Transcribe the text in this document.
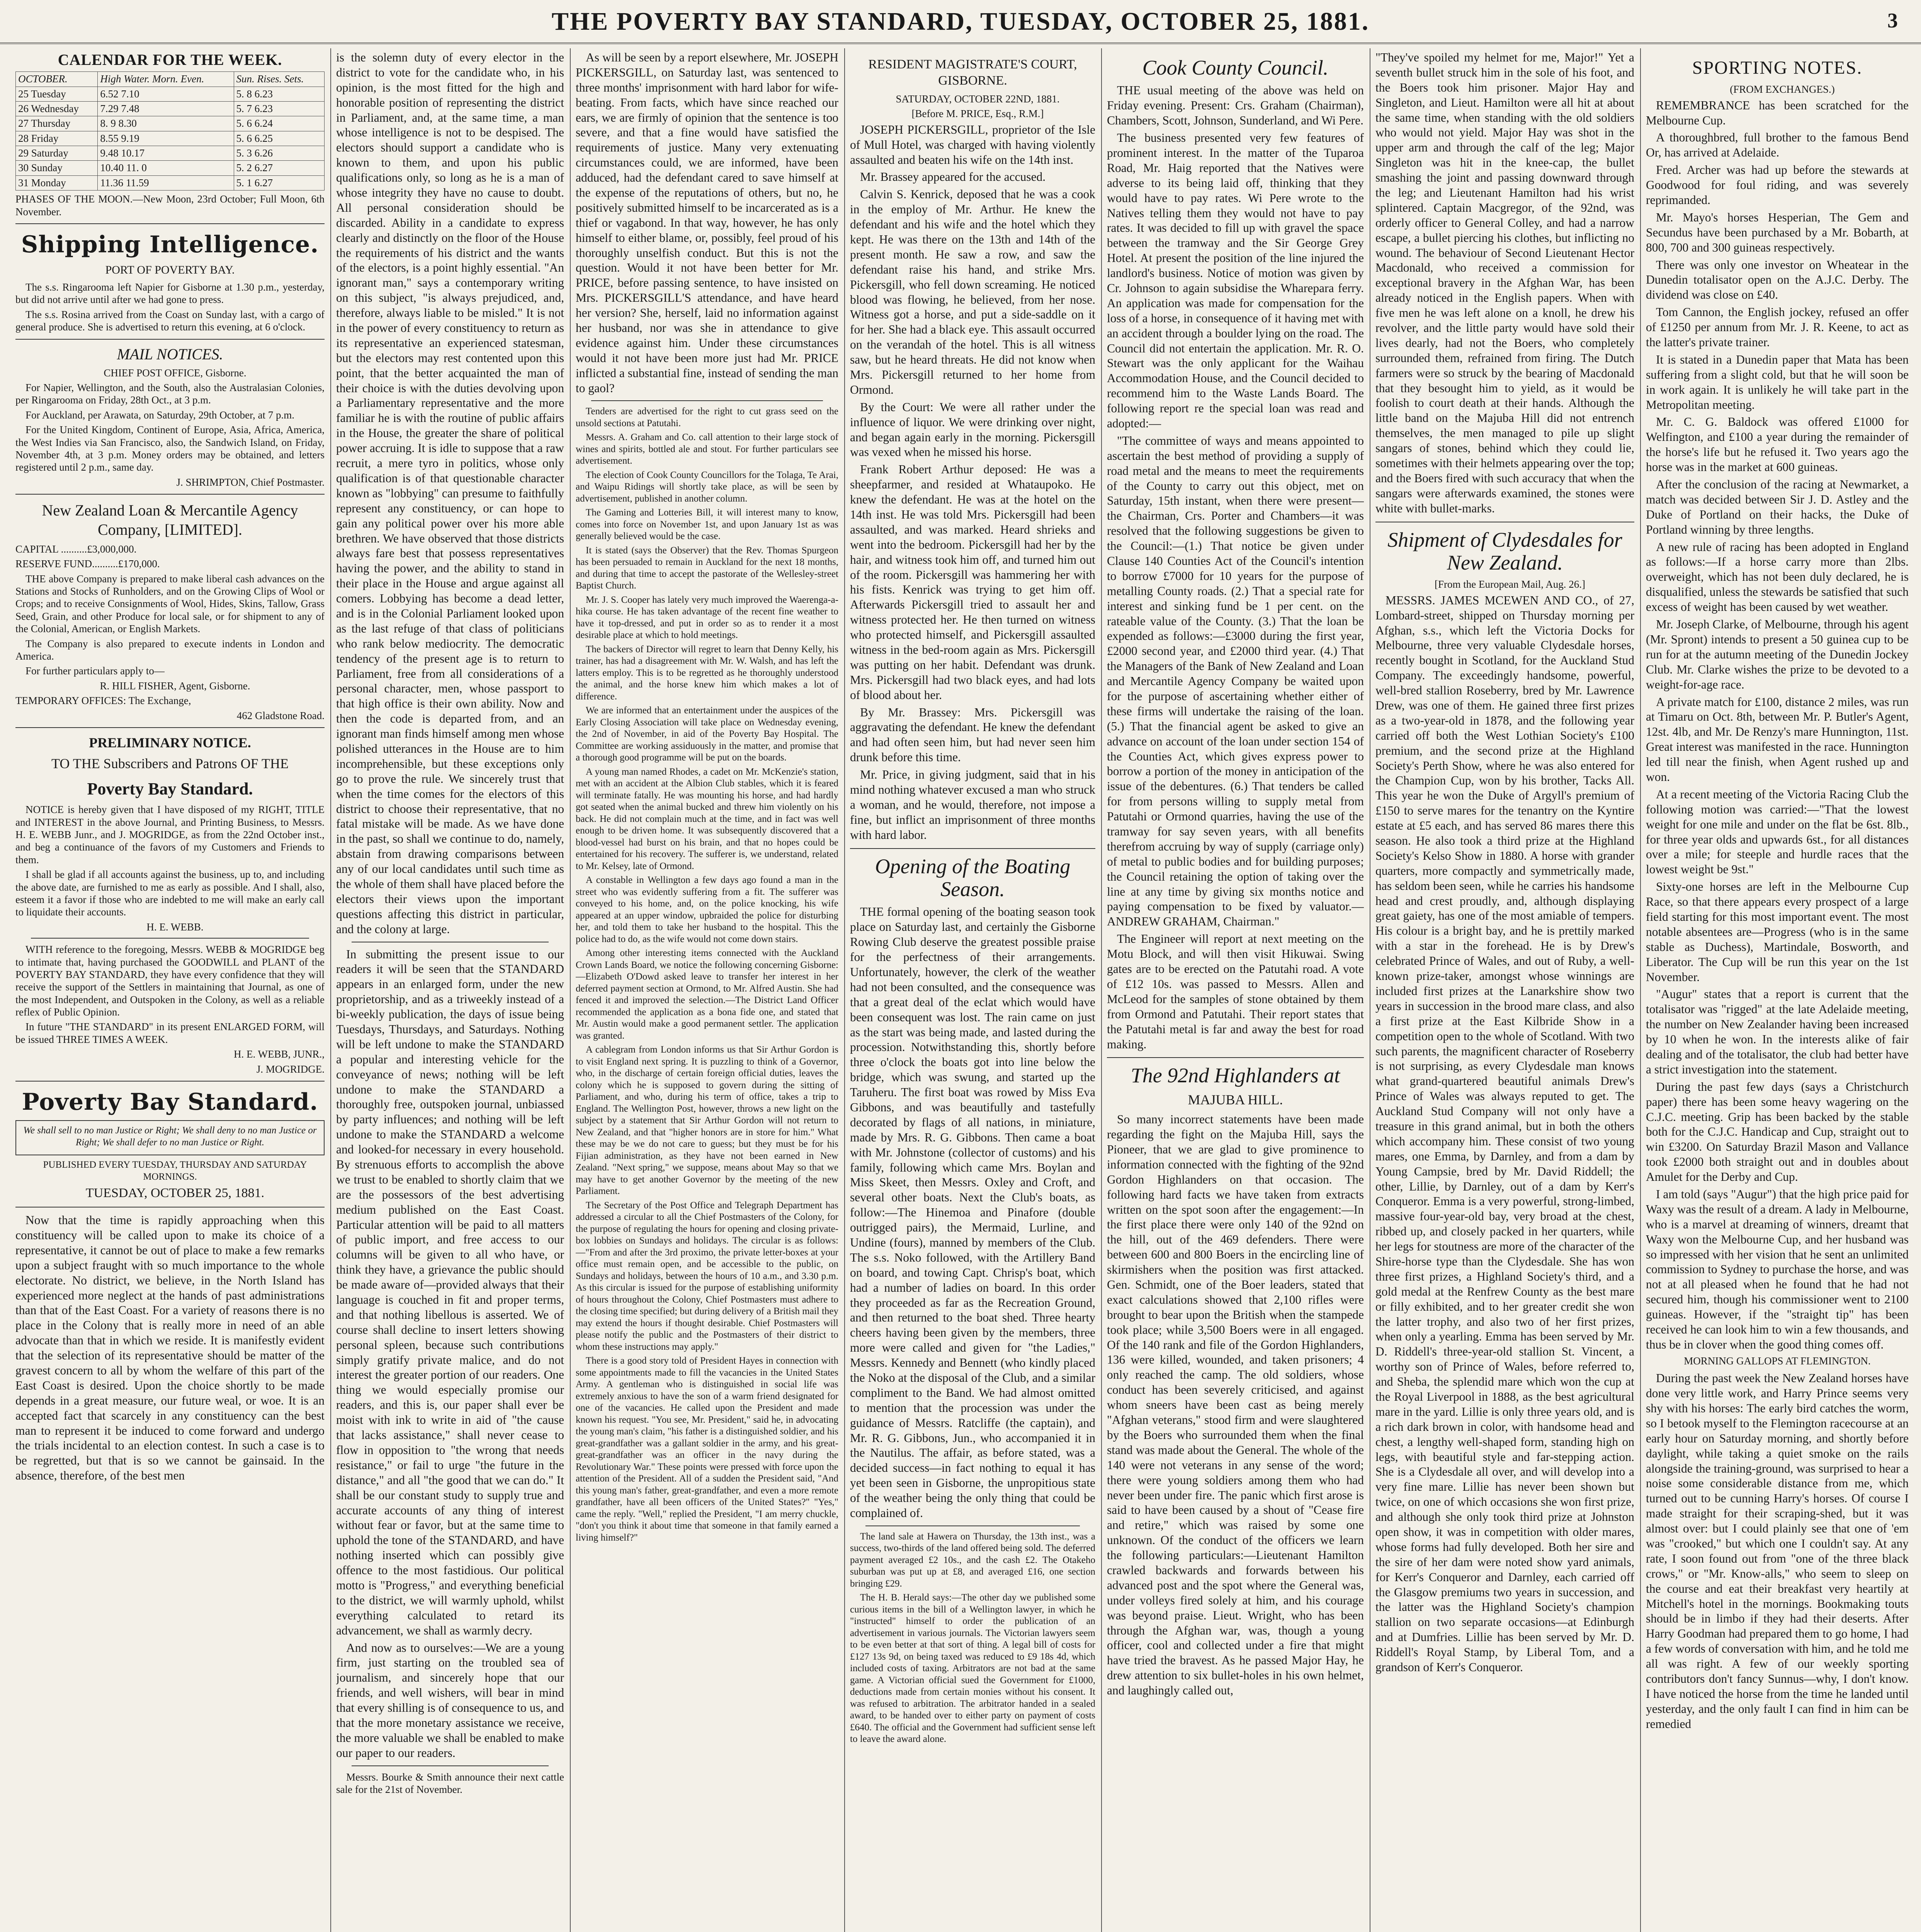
THE POVERTY BAY STANDARD, TUESDAY, OCTOBER 25, 1881.	3
CALENDAR FOR THE WEEK.
OCTOBER.	High Water. Morn. Even.	Sun. Rises. Sets.
25 Tuesday	6.52 7.10	5. 8 6.23
26 Wednesday	7.29 7.48	5. 7 6.23
27 Thursday	8. 9 8.30	5. 6 6.24
28 Friday	8.55 9.19	5. 6 6.25
29 Saturday	9.48 10.17	5. 3 6.26
30 Sunday	10.40 11. 0	5. 2 6.27
31 Monday	11.36 11.59	5. 1 6.27

PHASES OF THE MOON.—New Moon, 23rd October; Full Moon, 6th November.

Shipping Intelligence.
PORT OF POVERTY BAY.

The s.s. Ringarooma left Napier for Gisborne at 1.30 p.m., yesterday, but did not arrive until after we had gone to press.

The s.s. Rosina arrived from the Coast on Sunday last, with a cargo of general produce. She is advertised to return this evening, at 6 o'clock.

MAIL NOTICES.

CHIEF POST OFFICE, Gisborne.

For Napier, Wellington, and the South, also the Australasian Colonies, per Ringarooma on Friday, 28th Oct., at 3 p.m.

For Auckland, per Arawata, on Saturday, 29th October, at 7 p.m.

For the United Kingdom, Continent of Europe, Asia, Africa, America, the West Indies via San Francisco, also, the Sandwich Island, on Friday, November 4th, at 3 p.m. Money orders may be obtained, and letters registered until 2 p.m., same day.

J. SHRIMPTON, Chief Postmaster.

New Zealand Loan & Mercantile Agency Company, [LIMITED].

CAPITAL ..........£3,000,000.

RESERVE FUND..........£170,000.

THE above Company is prepared to make liberal cash advances on the Stations and Stocks of Runholders, and on the Growing Clips of Wool or Crops; and to receive Consignments of Wool, Hides, Skins, Tallow, Grass Seed, Grain, and other Produce for local sale, or for shipment to any of the Colonial, American, or English Markets.

The Company is also prepared to execute indents in London and America.

For further particulars apply to—

R. HILL FISHER, Agent, Gisborne.

TEMPORARY OFFICES: The Exchange,

462 Gladstone Road.

PRELIMINARY NOTICE.
TO THE Subscribers and Patrons OF THE
Poverty Bay Standard.

NOTICE is hereby given that I have disposed of my RIGHT, TITLE and INTEREST in the above Journal, and Printing Business, to Messrs. H. E. WEBB Junr., and J. MOGRIDGE, as from the 22nd October inst., and beg a continuance of the favors of my Customers and Friends to them.

I shall be glad if all accounts against the business, up to, and including the above date, are furnished to me as early as possible. And I shall, also, esteem it a favor if those who are indebted to me will make an early call to liquidate their accounts.

H. E. WEBB.

WITH reference to the foregoing, Messrs. WEBB & MOGRIDGE beg to intimate that, having purchased the GOODWILL and PLANT of the POVERTY BAY STANDARD, they have every confidence that they will receive the support of the Settlers in maintaining that Journal, as one of the most Independent, and Outspoken in the Colony, as well as a reliable reflex of Public Opinion.

In future "THE STANDARD" in its present ENLARGED FORM, will be issued THREE TIMES A WEEK.

H. E. WEBB, JUNR.,

J. MOGRIDGE.

Poverty Bay Standard.

We shall sell to no man Justice or Right; We shall deny to no man Justice or Right; We shall defer to no man Justice or Right.

PUBLISHED EVERY TUESDAY, THURSDAY AND SATURDAY MORNINGS.

TUESDAY, OCTOBER 25, 1881.

Now that the time is rapidly approaching when this constituency will be called upon to make its choice of a representative, it cannot be out of place to make a few remarks upon a subject fraught with so much importance to the whole electorate. No district, we believe, in the North Island has experienced more neglect at the hands of past administrations than that of the East Coast. For a variety of reasons there is no place in the Colony that is really more in need of an able advocate than that in which we reside. It is manifestly evident that the selection of its representative should be matter of the gravest concern to all by whom the welfare of this part of the East Coast is desired. Upon the choice shortly to be made depends in a great measure, our future weal, or woe. It is an accepted fact that scarcely in any constituency can the best man to represent it be induced to come forward and undergo the trials incidental to an election contest. In such a case is to be regretted, but that is so we cannot be gainsaid. In the absence, therefore, of the best men

is the solemn duty of every elector in the district to vote for the candidate who, in his opinion, is the most fitted for the high and honorable position of representing the district in Parliament, and, at the same time, a man whose intelligence is not to be despised. The electors should support a candidate who is known to them, and upon his public qualifications only, so long as he is a man of whose integrity they have no cause to doubt. All personal consideration should be discarded. Ability in a candidate to express clearly and distinctly on the floor of the House the requirements of his district and the wants of the electors, is a point highly essential. "An ignorant man," says a contemporary writing on this subject, "is always prejudiced, and, therefore, always liable to be misled." It is not in the power of every constituency to return as its representative an experienced statesman, but the electors may rest contented upon this point, that the better acquainted the man of their choice is with the duties devolving upon a Parliamentary representative and the more familiar he is with the routine of public affairs in the House, the greater the share of political power accruing. It is idle to suppose that a raw recruit, a mere tyro in politics, whose only qualification is of that questionable character known as "lobbying" can presume to faithfully represent any constituency, or can hope to gain any political power over his more able brethren. We have observed that those districts always fare best that possess representatives having the power, and the ability to stand in their place in the House and argue against all comers. Lobbying has become a dead letter, and is in the Colonial Parliament looked upon as the last refuge of that class of politicians who rank below mediocrity. The democratic tendency of the present age is to return to Parliament, free from all considerations of a personal character, men, whose passport to that high office is their own ability. Now and then the code is departed from, and an ignorant man finds himself among men whose polished utterances in the House are to him incomprehensible, but these exceptions only go to prove the rule. We sincerely trust that when the time comes for the electors of this district to choose their representative, that no fatal mistake will be made. As we have done in the past, so shall we continue to do, namely, abstain from drawing comparisons between any of our local candidates until such time as the whole of them shall have placed before the electors their views upon the important questions affecting this district in particular, and the colony at large.

In submitting the present issue to our readers it will be seen that the STANDARD appears in an enlarged form, under the new proprietorship, and as a triweekly instead of a bi-weekly publication, the days of issue being Tuesdays, Thursdays, and Saturdays. Nothing will be left undone to make the STANDARD a popular and interesting vehicle for the conveyance of news; nothing will be left undone to make the STANDARD a thoroughly free, outspoken journal, unbiassed by party influences; and nothing will be left undone to make the STANDARD a welcome and looked-for necessary in every household. By strenuous efforts to accomplish the above we trust to be enabled to shortly claim that we are the possessors of the best advertising medium published on the East Coast. Particular attention will be paid to all matters of public import, and free access to our columns will be given to all who have, or think they have, a grievance the public should be made aware of—provided always that their language is couched in fit and proper terms, and that nothing libellous is asserted. We of course shall decline to insert letters showing personal spleen, because such contributions simply gratify private malice, and do not interest the greater portion of our readers. One thing we would especially promise our readers, and this is, our paper shall ever be moist with ink to write in aid of "the cause that lacks assistance," shall never cease to flow in opposition to "the wrong that needs resistance," or fail to urge "the future in the distance," and all "the good that we can do." It shall be our constant study to supply true and accurate accounts of any thing of interest without fear or favor, but at the same time to uphold the tone of the STANDARD, and have nothing inserted which can possibly give offence to the most fastidious. Our political motto is "Progress," and everything beneficial to the district, we will warmly uphold, whilst everything calculated to retard its advancement, we shall as warmly decry.

And now as to ourselves:—We are a young firm, just starting on the troubled sea of journalism, and sincerely hope that our friends, and well wishers, will bear in mind that every shilling is of consequence to us, and that the more monetary assistance we receive, the more valuable we shall be enabled to make our paper to our readers.

Messrs. Bourke & Smith announce their next cattle sale for the 21st of November.

As will be seen by a report elsewhere, Mr. JOSEPH PICKERSGILL, on Saturday last, was sentenced to three months' imprisonment with hard labor for wife-beating. From facts, which have since reached our ears, we are firmly of opinion that the sentence is too severe, and that a fine would have satisfied the requirements of justice. Many very extenuating circumstances could, we are informed, have been adduced, had the defendant cared to save himself at the expense of the reputations of others, but no, he positively submitted himself to be incarcerated as is a thief or vagabond. In that way, however, he has only himself to either blame, or, possibly, feel proud of his thoroughly unselfish conduct. But this is not the question. Would it not have been better for Mr. PRICE, before passing sentence, to have insisted on Mrs. PICKERSGILL'S attendance, and have heard her version? She, herself, laid no information against her husband, nor was she in attendance to give evidence against him. Under these circumstances would it not have been more just had Mr. PRICE inflicted a substantial fine, instead of sending the man to gaol?

Tenders are advertised for the right to cut grass seed on the unsold sections at Patutahi.

Messrs. A. Graham and Co. call attention to their large stock of wines and spirits, bottled ale and stout. For further particulars see advertisement.

The election of Cook County Councillors for the Tolaga, Te Arai, and Waipu Ridings will shortly take place, as will be seen by advertisement, published in another column.

The Gaming and Lotteries Bill, it will interest many to know, comes into force on November 1st, and upon January 1st as was generally believed would be the case.

It is stated (says the Observer) that the Rev. Thomas Spurgeon has been persuaded to remain in Auckland for the next 18 months, and during that time to accept the pastorate of the Wellesley-street Baptist Church.

Mr. J. S. Cooper has lately very much improved the Waerenga-a-hika course. He has taken advantage of the recent fine weather to have it top-dressed, and put in order so as to render it a most desirable place at which to hold meetings.

The backers of Director will regret to learn that Denny Kelly, his trainer, has had a disagreement with Mr. W. Walsh, and has left the latters employ. This is to be regretted as he thoroughly understood the animal, and the horse knew him which makes a lot of difference.

We are informed that an entertainment under the auspices of the Early Closing Association will take place on Wednesday evening, the 2nd of November, in aid of the Poverty Bay Hospital. The Committee are working assiduously in the matter, and promise that a thorough good programme will be put on the boards.

A young man named Rhodes, a cadet on Mr. McKenzie's station, met with an accident at the Albion Club stables, which it is feared will terminate fatally. He was mounting his horse, and had hardly got seated when the animal bucked and threw him violently on his back. He did not complain much at the time, and in fact was well enough to be driven home. It was subsequently discovered that a blood-vessel had burst on his brain, and that no hopes could be entertained for his recovery. The sufferer is, we understand, related to Mr. Kelsey, late of Ormond.

A constable in Wellington a few days ago found a man in the street who was evidently suffering from a fit. The sufferer was conveyed to his home, and, on the police knocking, his wife appeared at an upper window, upbraided the police for disturbing her, and told them to take her husband to the hospital. This the police had to do, as the wife would not come down stairs.

Among other interesting items connected with the Auckland Crown Lands Board, we notice the following concerning Gisborne:—Elizabeth O'Dowd asked leave to transfer her interest in her deferred payment section at Ormond, to Mr. Alfred Austin. She had fenced it and improved the selection.—The District Land Officer recommended the application as a bona fide one, and stated that Mr. Austin would make a good permanent settler. The application was granted.

A cablegram from London informs us that Sir Arthur Gordon is to visit England next spring. It is puzzling to think of a Governor, who, in the discharge of certain foreign official duties, leaves the colony which he is supposed to govern during the sitting of Parliament, and who, during his term of office, takes a trip to England. The Wellington Post, however, throws a new light on the subject by a statement that Sir Arthur Gordon will not return to New Zealand, and that "higher honors are in store for him." What these may be we do not care to guess; but they must be for his Fijian administration, as they have not been earned in New Zealand. "Next spring," we suppose, means about May so that we may have to get another Governor by the meeting of the new Parliament.

The Secretary of the Post Office and Telegraph Department has addressed a circular to all the Chief Postmasters of the Colony, for the purpose of regulating the hours for opening and closing private-box lobbies on Sundays and holidays. The circular is as follows:—"From and after the 3rd proximo, the private letter-boxes at your office must remain open, and be accessible to the public, on Sundays and holidays, between the hours of 10 a.m., and 3.30 p.m. As this circular is issued for the purpose of establishing uniformity of hours throughout the Colony, Chief Postmasters must adhere to the closing time specified; but during delivery of a British mail they may extend the hours if thought desirable. Chief Postmasters will please notify the public and the Postmasters of their district to whom these instructions may apply."

There is a good story told of President Hayes in connection with some appointments made to fill the vacancies in the United States Army. A gentleman who is distinguished in social life was extremely anxious to have the son of a warm friend designated for one of the vacancies. He called upon the President and made known his request. "You see, Mr. President," said he, in advocating the young man's claim, "his father is a distinguished soldier, and his great-grandfather was a gallant soldier in the army, and his great-great-grandfather was an officer in the navy during the Revolutionary War." These points were pressed with force upon the attention of the President. All of a sudden the President said, "And this young man's father, great-grandfather, and even a more remote grandfather, have all been officers of the United States?" "Yes," came the reply. "Well," replied the President, "I am merry chuckle, "don't you think it about time that someone in that family earned a living himself?"

RESIDENT MAGISTRATE'S COURT, GISBORNE.

SATURDAY, OCTOBER 22ND, 1881.

[Before M. PRICE, Esq., R.M.]

JOSEPH PICKERSGILL, proprietor of the Isle of Mull Hotel, was charged with having violently assaulted and beaten his wife on the 14th inst.

Mr. Brassey appeared for the accused.

Calvin S. Kenrick, deposed that he was a cook in the employ of Mr. Arthur. He knew the defendant and his wife and the hotel which they kept. He was there on the 13th and 14th of the present month. He saw a row, and saw the defendant raise his hand, and strike Mrs. Pickersgill, who fell down screaming. He noticed blood was flowing, he believed, from her nose. Witness got a horse, and put a side-saddle on it for her. She had a black eye. This assault occurred on the verandah of the hotel. This is all witness saw, but he heard threats. He did not know when Mrs. Pickersgill returned to her home from Ormond.

By the Court: We were all rather under the influence of liquor. We were drinking over night, and began again early in the morning. Pickersgill was vexed when he missed his horse.

Frank Robert Arthur deposed: He was a sheepfarmer, and resided at Whataupoko. He knew the defendant. He was at the hotel on the 14th inst. He was told Mrs. Pickersgill had been assaulted, and was marked. Heard shrieks and went into the bedroom. Pickersgill had her by the hair, and witness took him off, and turned him out of the room. Pickersgill was hammering her with his fists. Kenrick was trying to get him off. Afterwards Pickersgill tried to assault her and witness protected her. He then turned on witness who protected himself, and Pickersgill assaulted witness in the bed-room again as Mrs. Pickersgill was putting on her habit. Defendant was drunk. Mrs. Pickersgill had two black eyes, and had lots of blood about her.

By Mr. Brassey: Mrs. Pickersgill was aggravating the defendant. He knew the defendant and had often seen him, but had never seen him drunk before this time.

Mr. Price, in giving judgment, said that in his mind nothing whatever excused a man who struck a woman, and he would, therefore, not impose a fine, but inflict an imprisonment of three months with hard labor.

Opening of the Boating Season.

THE formal opening of the boating season took place on Saturday last, and certainly the Gisborne Rowing Club deserve the greatest possible praise for the perfectness of their arrangements. Unfortunately, however, the clerk of the weather had not been consulted, and the consequence was that a great deal of the eclat which would have been consequent was lost. The rain came on just as the start was being made, and lasted during the procession. Notwithstanding this, shortly before three o'clock the boats got into line below the bridge, which was swung, and started up the Taruheru. The first boat was rowed by Miss Eva Gibbons, and was beautifully and tastefully decorated by flags of all nations, in miniature, made by Mrs. R. G. Gibbons. Then came a boat with Mr. Johnstone (collector of customs) and his family, following which came Mrs. Boylan and Miss Skeet, then Messrs. Oxley and Croft, and several other boats. Next the Club's boats, as follow:—The Hinemoa and Pinafore (double outrigged pairs), the Mermaid, Lurline, and Undine (fours), manned by members of the Club. The s.s. Noko followed, with the Artillery Band on board, and towing Capt. Chrisp's boat, which had a number of ladies on board. In this order they proceeded as far as the Recreation Ground, and then returned to the boat shed. Three hearty cheers having been given by the members, three more were called and given for "the Ladies," Messrs. Kennedy and Bennett (who kindly placed the Noko at the disposal of the Club, and a similar compliment to the Band. We had almost omitted to mention that the procession was under the guidance of Messrs. Ratcliffe (the captain), and Mr. R. G. Gibbons, Jun., who accompanied it in the Nautilus. The affair, as before stated, was a decided success—in fact nothing to equal it has yet been seen in Gisborne, the unpropitious state of the weather being the only thing that could be complained of.

The land sale at Hawera on Thursday, the 13th inst., was a success, two-thirds of the land offered being sold. The deferred payment averaged £2 10s., and the cash £2. The Otakeho suburban was put up at £8, and averaged £16, one section bringing £29.

The H. B. Herald says:—The other day we published some curious items in the bill of a Wellington lawyer, in which he "instructed" himself to order the publication of an advertisement in various journals. The Victorian lawyers seem to be even better at that sort of thing. A legal bill of costs for £127 13s 9d, on being taxed was reduced to £9 18s 4d, which included costs of taxing. Arbitrators are not bad at the same game. A Victorian official sued the Government for £1000, deductions made from certain monies without his consent. It was refused to arbitration. The arbitrator handed in a sealed award, to be handed over to either party on payment of costs £640. The official and the Government had sufficient sense left to leave the award alone.

Cook County Council.

THE usual meeting of the above was held on Friday evening. Present: Crs. Graham (Chairman), Chambers, Scott, Johnson, Sunderland, and Wi Pere.

The business presented very few features of prominent interest. In the matter of the Tuparoa Road, Mr. Haig reported that the Natives were adverse to its being laid off, thinking that they would have to pay rates. Wi Pere wrote to the Natives telling them they would not have to pay rates. It was decided to fill up with gravel the space between the tramway and the Sir George Grey Hotel. At present the position of the line injured the landlord's business. Notice of motion was given by Cr. Johnson to again subsidise the Wharepara ferry. An application was made for compensation for the loss of a horse, in consequence of it having met with an accident through a boulder lying on the road. The Council did not entertain the application. Mr. R. O. Stewart was the only applicant for the Waihau Accommodation House, and the Council decided to recommend him to the Waste Lands Board. The following report re the special loan was read and adopted:—

"The committee of ways and means appointed to ascertain the best method of providing a supply of road metal and the means to meet the requirements of the County to carry out this object, met on Saturday, 15th instant, when there were present—the Chairman, Crs. Porter and Chambers—it was resolved that the following suggestions be given to the Council:—(1.) That notice be given under Clause 140 Counties Act of the Council's intention to borrow £7000 for 10 years for the purpose of metalling County roads. (2.) That a special rate for interest and sinking fund be 1 per cent. on the rateable value of the County. (3.) That the loan be expended as follows:—£3000 during the first year, £2000 second year, and £2000 third year. (4.) That the Managers of the Bank of New Zealand and Loan and Mercantile Agency Company be waited upon for the purpose of ascertaining whether either of these firms will undertake the raising of the loan. (5.) That the financial agent be asked to give an advance on account of the loan under section 154 of the Counties Act, which gives express power to borrow a portion of the money in anticipation of the issue of the debentures. (6.) That tenders be called for from persons willing to supply metal from Patutahi or Ormond quarries, having the use of the tramway for say seven years, with all benefits therefrom accruing by way of supply (carriage only) of metal to public bodies and for building purposes; the Council retaining the option of taking over the line at any time by giving six months notice and paying compensation to be fixed by valuator.—ANDREW GRAHAM, Chairman."

The Engineer will report at next meeting on the Motu Block, and will then visit Hikuwai. Swing gates are to be erected on the Patutahi road. A vote of £12 10s. was passed to Messrs. Allen and McLeod for the samples of stone obtained by them from Ormond and Patutahi. Their report states that the Patutahi metal is far and away the best for road making.

The 92nd Highlanders at
MAJUBA HILL.

So many incorrect statements have been made regarding the fight on the Majuba Hill, says the Pioneer, that we are glad to give prominence to information connected with the fighting of the 92nd Gordon Highlanders on that occasion. The following hard facts we have taken from extracts written on the spot soon after the engagement:—In the first place there were only 140 of the 92nd on the hill, out of the 469 defenders. There were between 600 and 800 Boers in the encircling line of skirmishers when the position was first attacked. Gen. Schmidt, one of the Boer leaders, stated that exact calculations showed that 2,100 rifles were brought to bear upon the British when the stampede took place; while 3,500 Boers were in all engaged. Of the 140 rank and file of the Gordon Highlanders, 136 were killed, wounded, and taken prisoners; 4 only reached the camp. The old soldiers, whose conduct has been severely criticised, and against whom sneers have been cast as being merely "Afghan veterans," stood firm and were slaughtered by the Boers who surrounded them when the final stand was made about the General. The whole of the 140 were not veterans in any sense of the word; there were young soldiers among them who had never been under fire. The panic which first arose is said to have been caused by a shout of "Cease fire and retire," which was raised by some one unknown. Of the conduct of the officers we learn the following particulars:—Lieutenant Hamilton crawled backwards and forwards between his advanced post and the spot where the General was, under volleys fired solely at him, and his courage was beyond praise. Lieut. Wright, who has been through the Afghan war, was, though a young officer, cool and collected under a fire that might have tried the bravest. As he passed Major Hay, he drew attention to six bullet-holes in his own helmet, and laughingly called out,

"They've spoiled my helmet for me, Major!" Yet a seventh bullet struck him in the sole of his foot, and the Boers took him prisoner. Major Hay and Singleton, and Lieut. Hamilton were all hit at about the same time, when standing with the old soldiers who would not yield. Major Hay was shot in the upper arm and through the calf of the leg; Major Singleton was hit in the knee-cap, the bullet smashing the joint and passing downward through the leg; and Lieutenant Hamilton had his wrist splintered. Captain Macgregor, of the 92nd, was orderly officer to General Colley, and had a narrow escape, a bullet piercing his clothes, but inflicting no wound. The behaviour of Second Lieutenant Hector Macdonald, who received a commission for exceptional bravery in the Afghan War, has been already noticed in the English papers. When with five men he was left alone on a knoll, he drew his revolver, and the little party would have sold their lives dearly, had not the Boers, who completely surrounded them, refrained from firing. The Dutch farmers were so struck by the bearing of Macdonald that they besought him to yield, as it would be foolish to court death at their hands. Although the little band on the Majuba Hill did not entrench themselves, the men managed to pile up slight sangars of stones, behind which they could lie, sometimes with their helmets appearing over the top; and the Boers fired with such accuracy that when the sangars were afterwards examined, the stones were white with bullet-marks.

Shipment of Clydesdales for New Zealand.

[From the European Mail, Aug. 26.]

MESSRS. JAMES MCEWEN AND CO., of 27, Lombard-street, shipped on Thursday morning per Afghan, s.s., which left the Victoria Docks for Melbourne, three very valuable Clydesdale horses, recently bought in Scotland, for the Auckland Stud Company. The exceedingly handsome, powerful, well-bred stallion Roseberry, bred by Mr. Lawrence Drew, was one of them. He gained three first prizes as a two-year-old in 1878, and the following year carried off both the West Lothian Society's £100 premium, and the second prize at the Highland Society's Perth Show, where he was also entered for the Champion Cup, won by his brother, Tacks All. This year he won the Duke of Argyll's premium of £150 to serve mares for the tenantry on the Kyntire estate at £5 each, and has served 86 mares there this season. He also took a third prize at the Highland Society's Kelso Show in 1880. A horse with grander quarters, more compactly and symmetrically made, has seldom been seen, while he carries his handsome head and crest proudly, and, although displaying great gaiety, has one of the most amiable of tempers. His colour is a bright bay, and he is prettily marked with a star in the forehead. He is by Drew's celebrated Prince of Wales, and out of Ruby, a well-known prize-taker, amongst whose winnings are included first prizes at the Lanarkshire show two years in succession in the brood mare class, and also a first prize at the East Kilbride Show in a competition open to the whole of Scotland. With two such parents, the magnificent character of Roseberry is not surprising, as every Clydesdale man knows what grand-quartered beautiful animals Drew's Prince of Wales was always reputed to get. The Auckland Stud Company will not only have a treasure in this grand animal, but in both the others which accompany him. These consist of two young mares, one Emma, by Darnley, and from a dam by Young Campsie, bred by Mr. David Riddell; the other, Lillie, by Darnley, out of a dam by Kerr's Conqueror. Emma is a very powerful, strong-limbed, massive four-year-old bay, very broad at the chest, ribbed up, and closely packed in her quarters, while her legs for stoutness are more of the character of the Shire-horse type than the Clydesdale. She has won three first prizes, a Highland Society's third, and a gold medal at the Renfrew County as the best mare or filly exhibited, and to her greater credit she won the latter trophy, and also two of her first prizes, when only a yearling. Emma has been served by Mr. D. Riddell's three-year-old stallion St. Vincent, a worthy son of Prince of Wales, before referred to, and Sheba, the splendid mare which won the cup at the Royal Liverpool in 1888, as the best agricultural mare in the yard. Lillie is only three years old, and is a rich dark brown in color, with handsome head and chest, a lengthy well-shaped form, standing high on legs, with beautiful style and far-stepping action. She is a Clydesdale all over, and will develop into a very fine mare. Lillie has never been shown but twice, on one of which occasions she won first prize, and although she only took third prize at Johnston open show, it was in competition with older mares, whose forms had fully developed. Both her sire and the sire of her dam were noted show yard animals, for Kerr's Conqueror and Darnley, each carried off the Glasgow premiums two years in succession, and the latter was the Highland Society's champion stallion on two separate occasions—at Edinburgh and at Dumfries. Lillie has been served by Mr. D. Riddell's Royal Stamp, by Liberal Tom, and a grandson of Kerr's Conqueror.

SPORTING NOTES.

(FROM EXCHANGES.)

REMEMBRANCE has been scratched for the Melbourne Cup.

A thoroughbred, full brother to the famous Bend Or, has arrived at Adelaide.

Fred. Archer was had up before the stewards at Goodwood for foul riding, and was severely reprimanded.

Mr. Mayo's horses Hesperian, The Gem and Secundus have been purchased by a Mr. Bobarth, at 800, 700 and 300 guineas respectively.

There was only one investor on Wheatear in the Dunedin totalisator open on the A.J.C. Derby. The dividend was close on £40.

Tom Cannon, the English jockey, refused an offer of £1250 per annum from Mr. J. R. Keene, to act as the latter's private trainer.

It is stated in a Dunedin paper that Mata has been suffering from a slight cold, but that he will soon be in work again. It is unlikely he will take part in the Metropolitan meeting.

Mr. C. G. Baldock was offered £1000 for Welfington, and £100 a year during the remainder of the horse's life but he refused it. Two years ago the horse was in the market at 600 guineas.

After the conclusion of the racing at Newmarket, a match was decided between Sir J. D. Astley and the Duke of Portland on their hacks, the Duke of Portland winning by three lengths.

A new rule of racing has been adopted in England as follows:—If a horse carry more than 2lbs. overweight, which has not been duly declared, he is disqualified, unless the stewards be satisfied that such excess of weight has been caused by wet weather.

Mr. Joseph Clarke, of Melbourne, through his agent (Mr. Spront) intends to present a 50 guinea cup to be run for at the autumn meeting of the Dunedin Jockey Club. Mr. Clarke wishes the prize to be devoted to a weight-for-age race.

A private match for £100, distance 2 miles, was run at Timaru on Oct. 8th, between Mr. P. Butler's Agent, 12st. 4lb, and Mr. De Renzy's mare Hunnington, 11st. Great interest was manifested in the race. Hunnington led till near the finish, when Agent rushed up and won.

At a recent meeting of the Victoria Racing Club the following motion was carried:—"That the lowest weight for one mile and under on the flat be 6st. 8lb., for three year olds and upwards 6st., for all distances over a mile; for steeple and hurdle races that the lowest weight be 9st."

Sixty-one horses are left in the Melbourne Cup Race, so that there appears every prospect of a large field starting for this most important event. The most notable absentees are—Progress (who is in the same stable as Duchess), Martindale, Bosworth, and Liberator. The Cup will be run this year on the 1st November.

"Augur" states that a report is current that the totalisator was "rigged" at the late Adelaide meeting, the number on New Zealander having been increased by 10 when he won. In the interests alike of fair dealing and of the totalisator, the club had better have a strict investigation into the statement.

During the past few days (says a Christchurch paper) there has been some heavy wagering on the C.J.C. meeting. Grip has been backed by the stable both for the C.J.C. Handicap and Cup, straight out to win £3200. On Saturday Brazil Mason and Vallance took £2000 both straight out and in doubles about Amulet for the Derby and Cup.

I am told (says "Augur") that the high price paid for Waxy was the result of a dream. A lady in Melbourne, who is a marvel at dreaming of winners, dreamt that Waxy won the Melbourne Cup, and her husband was so impressed with her vision that he sent an unlimited commission to Sydney to purchase the horse, and was not at all pleased when he found that he had not secured him, though his commissioner went to 2100 guineas. However, if the "straight tip" has been received he can look him to win a few thousands, and thus be in clover when the good thing comes off.

MORNING GALLOPS AT FLEMINGTON.

During the past week the New Zealand horses have done very little work, and Harry Prince seems very shy with his horses: The early bird catches the worm, so I betook myself to the Flemington racecourse at an early hour on Saturday morning, and shortly before daylight, while taking a quiet smoke on the rails alongside the training-ground, was surprised to hear a noise some considerable distance from me, which turned out to be cunning Harry's horses. Of course I made straight for their scraping-shed, but it was almost over: but I could plainly see that one of 'em was "crooked," but which one I couldn't say. At any rate, I soon found out from "one of the three black crows," or "Mr. Know-alls," who seem to sleep on the course and eat their breakfast very heartily at Mitchell's hotel in the mornings. Bookmaking touts should be in limbo if they had their deserts. After Harry Goodman had prepared them to go home, I had a few words of conversation with him, and he told me all was right. A few of our weekly sporting contributors don't fancy Sunnus—why, I don't know. I have noticed the horse from the time he landed until yesterday, and the only fault I can find in him can be remedied
